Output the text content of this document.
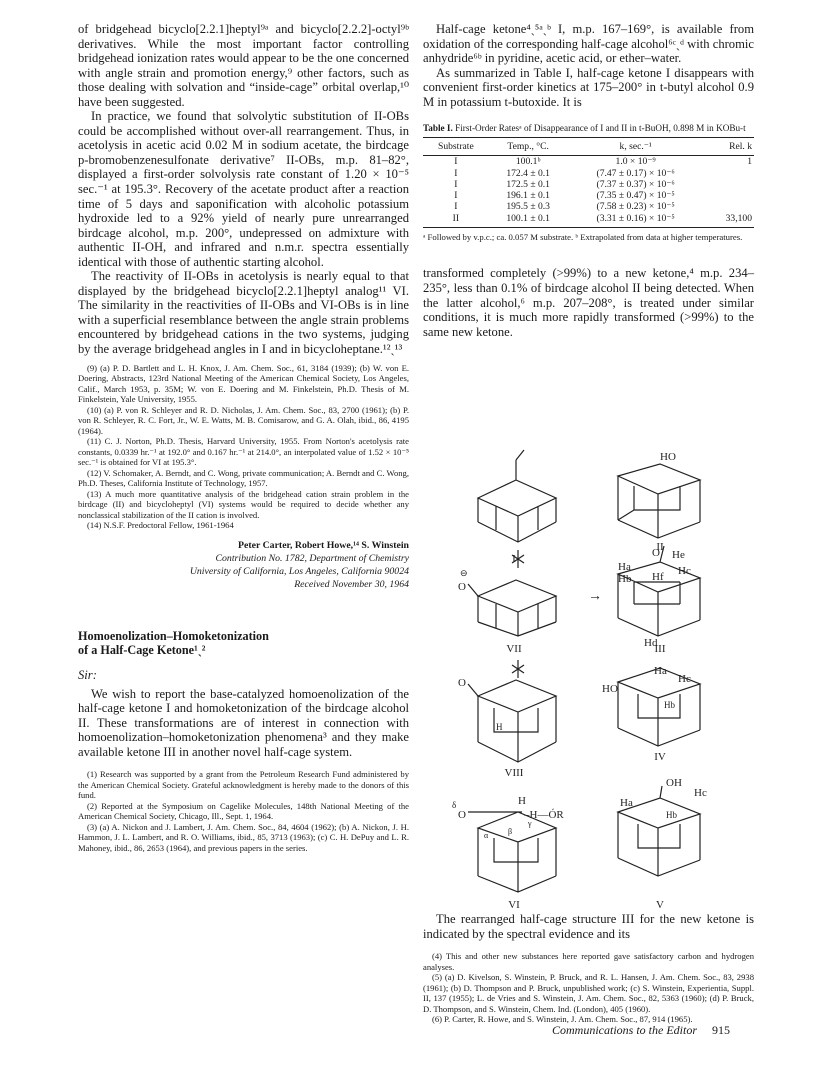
of bridgehead bicyclo[2.2.1]heptyl⁹ᵃ and bicyclo[2.2.2]-octyl⁹ᵇ derivatives. While the most important factor controlling bridgehead ionization rates would appear to be the one concerned with angle strain and promotion energy,⁹ other factors, such as those dealing with solvation and “inside-cage” orbital overlap,¹⁰ have been suggested.

In practice, we found that solvolytic substitution of II-OBs could be accomplished without over-all rearrangement. Thus, in acetolysis in acetic acid 0.02 M in sodium acetate, the birdcage p-bromobenzenesulfonate derivative⁷ II-OBs, m.p. 81–82°, displayed a first-order solvolysis rate constant of 1.20 × 10⁻⁵ sec.⁻¹ at 195.3°. Recovery of the acetate product after a reaction time of 5 days and saponification with alcoholic potassium hydroxide led to a 92% yield of nearly pure unrearranged birdcage alcohol, m.p. 200°, undepressed on admixture with authentic II-OH, and infrared and n.m.r. spectra essentially identical with those of authentic starting alcohol.

The reactivity of II-OBs in acetolysis is nearly equal to that displayed by the bridgehead bicyclo[2.2.1]heptyl analog¹¹ VI. The similarity in the reactivities of II-OBs and VI-OBs is in line with a superficial resemblance between the angle strain problems encountered by bridgehead cations in the two systems, judging by the average bridgehead angles in I and in bicycloheptane.¹²ˎ¹³

(9) (a) P. D. Bartlett and L. H. Knox, J. Am. Chem. Soc., 61, 3184 (1939); (b) W. von E. Doering, Abstracts, 123rd National Meeting of the American Chemical Society, Los Angeles, Calif., March 1953, p. 35M; W. von E. Doering and M. Finkelstein, Ph.D. Thesis of M. Finkelstein, Yale University, 1955.

(10) (a) P. von R. Schleyer and R. D. Nicholas, J. Am. Chem. Soc., 83, 2700 (1961); (b) P. von R. Schleyer, R. C. Fort, Jr., W. E. Watts, M. B. Comisarow, and G. A. Olah, ibid., 86, 4195 (1964).

(11) C. J. Norton, Ph.D. Thesis, Harvard University, 1955. From Norton's acetolysis rate constants, 0.0339 hr.⁻¹ at 192.0° and 0.167 hr.⁻¹ at 214.0°, an interpolated value of 1.52 × 10⁻⁵ sec.⁻¹ is obtained for VI at 195.3°.

(12) V. Schomaker, A. Berndt, and C. Wong, private communication; A. Berndt and C. Wong, Ph.D. Theses, California Institute of Technology, 1957.

(13) A much more quantitative analysis of the bridgehead cation strain problem in the birdcage (II) and bicycloheptyl (VI) systems would be required to decide whether any nonclassical stabilization of the II cation is involved.

(14) N.S.F. Predoctoral Fellow, 1961-1964

Peter Carter, Robert Howe,¹⁴ S. Winstein
Contribution No. 1782, Department of Chemistry
University of California, Los Angeles, California 90024
Received November 30, 1964
Homoenolization–Homoketonization
of a Half-Cage Ketone¹ˎ²
Sir:

We wish to report the base-catalyzed homoenolization of the half-cage ketone I and homoketonization of the birdcage alcohol II. These transformations are of interest in connection with homoenolization–homoketonization phenomena³ and they make available ketone III in another novel half-cage system.

(1) Research was supported by a grant from the Petroleum Research Fund administered by the American Chemical Society. Grateful acknowledgment is hereby made to the donors of this fund.

(2) Reported at the Symposium on Cagelike Molecules, 148th National Meeting of the American Chemical Society, Chicago, Ill., Sept. 1, 1964.

(3) (a) A. Nickon and J. Lambert, J. Am. Chem. Soc., 84, 4604 (1962); (b) A. Nickon, J. H. Hammon, J. L. Lambert, and R. O. Williams, ibid., 85, 3713 (1963); (c) C. H. DePuy and L. R. Mahoney, ibid., 86, 2653 (1964), and previous papers in the series.

Half-cage ketone⁴ˏ⁵ᵃˏᵇ I, m.p. 167–169°, is available from oxidation of the corresponding half-cage alcohol⁶ᶜˏᵈ with chromic anhydride⁶ᵇ in pyridine, acetic acid, or ether–water.

As summarized in Table I, half-cage ketone I disappears with convenient first-order kinetics at 175–200° in t-butyl alcohol 0.9 M in potassium t-butoxide. It is

Table I. First-Order Ratesᵃ of Disappearance of I and II in t-BuOH, 0.898 M in KOBu-t
Substrate	Temp., °C.	k, sec.⁻¹	Rel. k
I	100.1ᵇ	1.0 × 10⁻⁹	1
I	172.4 ± 0.1	(7.47 ± 0.17) × 10⁻⁶	
I	172.5 ± 0.1	(7.37 ± 0.37) × 10⁻⁶	
I	196.1 ± 0.1	(7.35 ± 0.47) × 10⁻⁵	
I	195.5 ± 0.3	(7.58 ± 0.23) × 10⁻⁵	
II	100.1 ± 0.1	(3.31 ± 0.16) × 10⁻⁵	33,100
ᵃ Followed by v.p.c.; ca. 0.057 M substrate. ᵇ Extrapolated from data at higher temperatures.

transformed completely (>99%) to a new ketone,⁴ m.p. 234–235°, less than 0.1% of birdcage alcohol II being detected. When the latter alcohol,⁶ m.p. 207–208°, is treated under similar conditions, it is much more rapidly transformed (>99%) to the same new ketone.

I
II
HO
⊖
O
VII
→
O He
Ha	Hc
Hb Hf
Hd
III
O
H
VIII
Ha
Hc
HO
Hb
IV
δ
O
H
–H––ÓR
α β
γ
VI
OH
Hc
Ha
Hb
V

The rearranged half-cage structure III for the new ketone is indicated by the spectral evidence and its

(4) This and other new substances here reported gave satisfactory carbon and hydrogen analyses.

(5) (a) D. Kivelson, S. Winstein, P. Bruck, and R. L. Hansen, J. Am. Chem. Soc., 83, 2938 (1961); (b) D. Thompson and P. Bruck, unpublished work; (c) S. Winstein, Experientia, Suppl. II, 137 (1955); L. de Vries and S. Winstein, J. Am. Chem. Soc., 82, 5363 (1960); (d) P. Bruck, D. Thompson, and S. Winstein, Chem. Ind. (London), 405 (1960).

(6) P. Carter, R. Howe, and S. Winstein, J. Am. Chem. Soc., 87, 914 (1965).

Communications to the Editor 915
